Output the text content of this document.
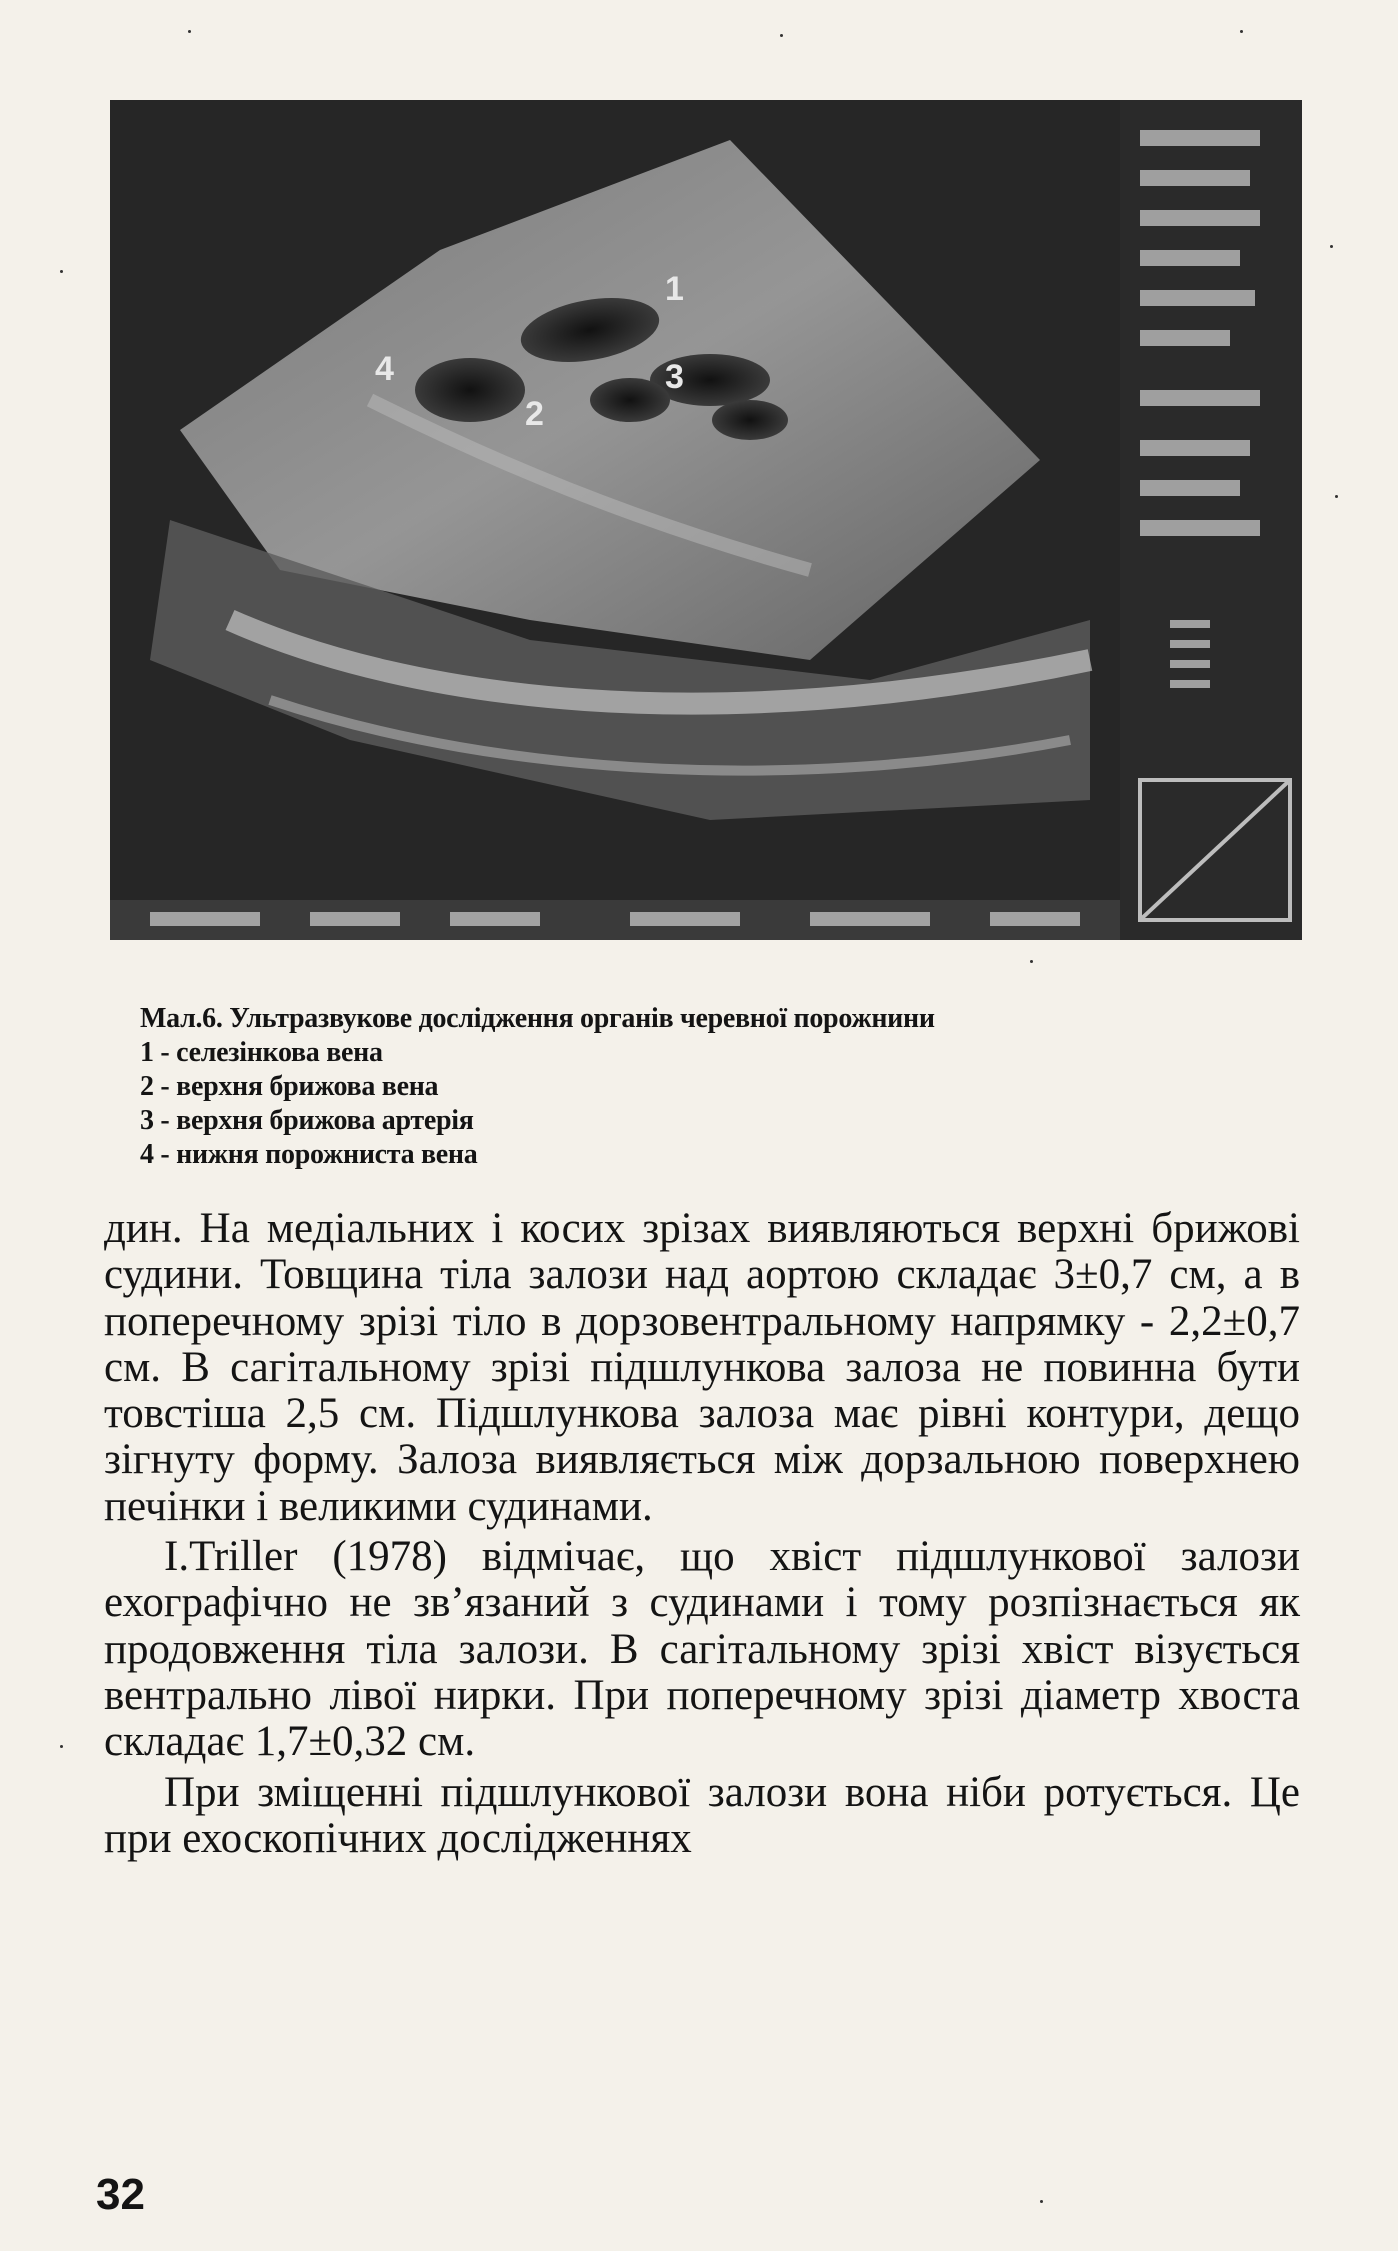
1
2
3
4
Мал.6. Ультразвукове дослідження органів черевної порожнини
1 - селезінкова вена
2 - верхня брижова вена
3 - верхня брижова артерія
4 - нижня порожниста вена

дин. На медіальних і косих зрізах виявляються верхні брижові судини. Товщина тіла залози над аортою складає 3±0,7 см, а в поперечному зрізі тіло в дорзовентральному напрямку - 2,2±0,7 см. В сагітальному зрізі підшлункова залоза не повинна бути товстіша 2,5 см. Підшлункова залоза має рівні контури, дещо зігнуту форму. Залоза виявляється між дорзальною поверхнею печінки і великими судинами.

I.Triller (1978) відмічає, що хвіст підшлункової залози ехографічно не зв’язаний з судинами і тому розпізнається як продовження тіла залози. В сагітальному зрізі хвіст візується вентрально лівої нирки. При поперечному зрізі діаметр хвоста складає 1,7±0,32 см.

При зміщенні підшлункової залози вона ніби ротується. Це при ехоскопічних дослідженнях

32
